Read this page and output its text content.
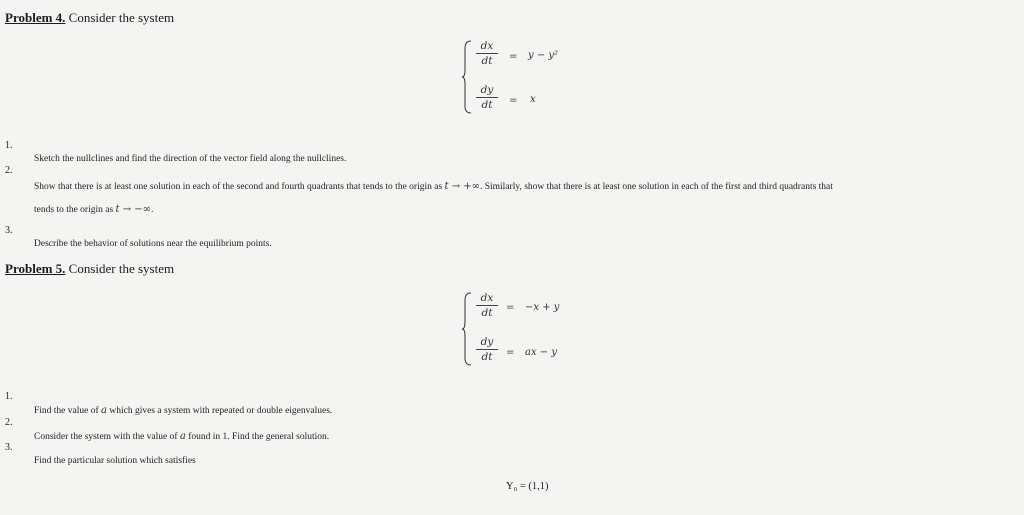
Problem 4. Consider the system
dx
dt	= y − y²
dy
dt	= x
1.
Sketch the nullclines and find the direction of the vector field along the nullclines.
2.
Show that there is at least one solution in each of the second and fourth quadrants that tends to the origin as t → +∞. Similarly, show that there is at least one solution in each of the first and third quadrants that
tends to the origin as t → −∞.
3.
Describe the behavior of solutions near the equilibrium points.
Problem 5. Consider the system
dx
dt	= −x + y
dy
dt	= ax − y
1.
Find the value of a which gives a system with repeated or double eigenvalues.
2.
Consider the system with the value of a found in 1. Find the general solution.
3.
Find the particular solution which satisfies
Y₀ = (1,1)
